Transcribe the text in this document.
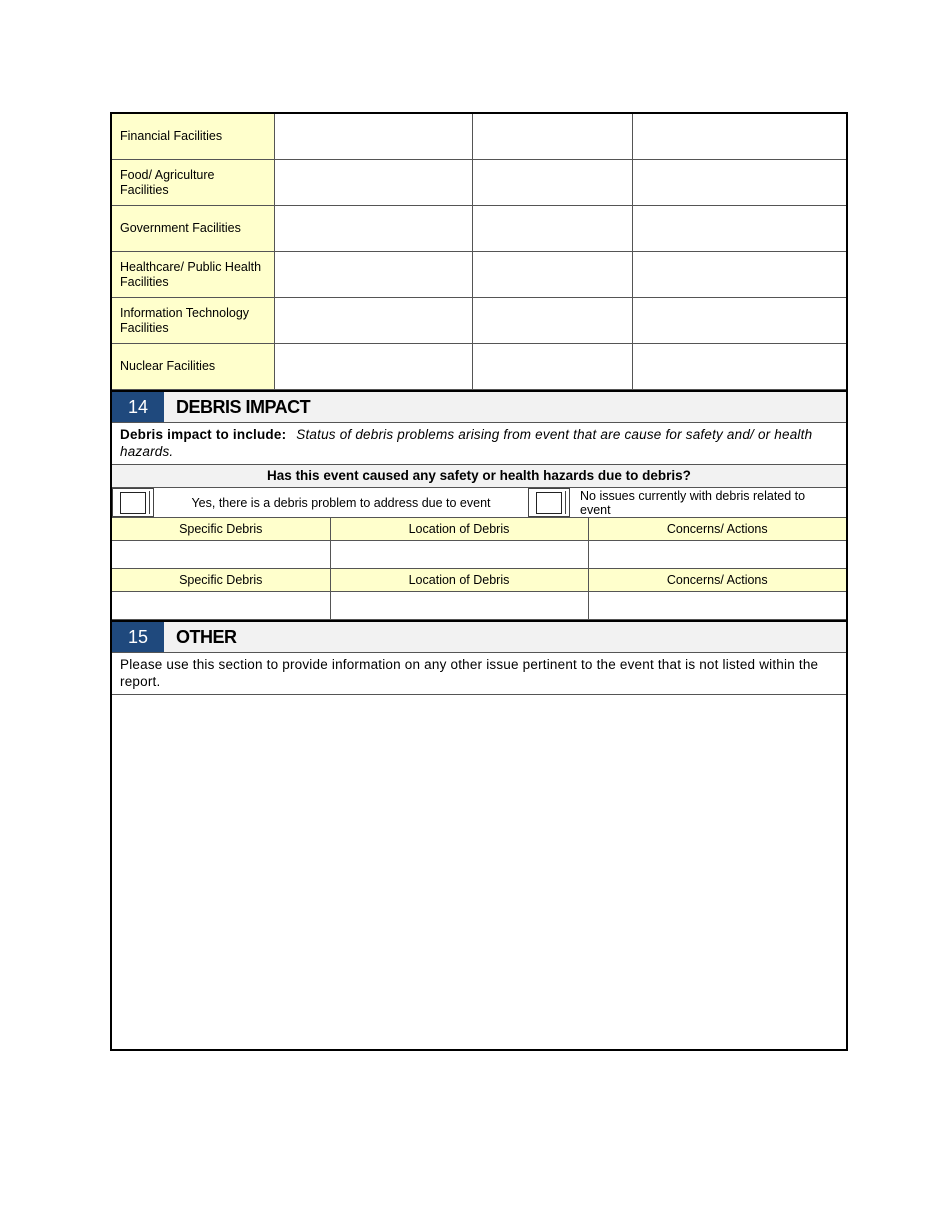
Financial Facilities			
Food/ Agriculture Facilities			
Government Facilities			
Healthcare/ Public Health Facilities			
Information Technology Facilities			
Nuclear Facilities			
14	DEBRIS IMPACT
Debris impact to include: Status of debris problems arising from event that are cause for safety and/ or health hazards.
Has this event caused any safety or health hazards due to debris?
Yes, there is a debris problem to address due to event	No issues currently with debris related to event
Specific Debris	Location of Debris	Concerns/ Actions

Specific Debris	Location of Debris	Concerns/ Actions

15	OTHER
Please use this section to provide information on any other issue pertinent to the event that is not listed within the report.
